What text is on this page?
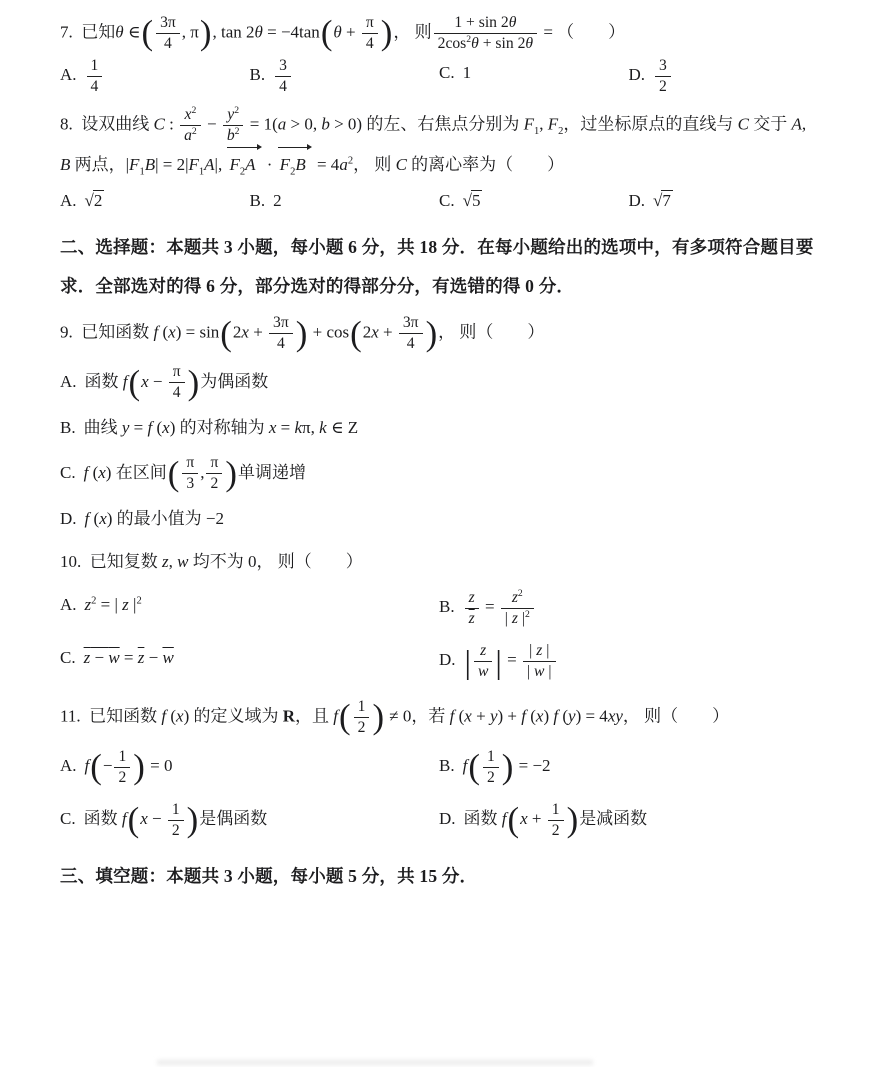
7.  已知θ ∈( $\frac{3\pi}{4}$ , π), $\tan 2\theta = -4\tan(\theta + \frac{\pi}{4}$ )， 则 $\frac{1 + \sin 2\theta}{2\cos^2\theta + \sin 2\theta}$ = （  ）
A. $\frac{1}{4}$	B. $\frac{3}{4}$	C. 1	D. $\frac{3}{2}$
8.  设双曲线 C : $\frac{x^2}{a^2} - \frac{y^2}{b^2} = 1(a > 0$, b > 0) 的左、右焦点分别为 $F_1$, $F_2$，过坐标原点的直线与 C 交于 A, B 两点，$|F_1B| = 2|F_1A|$, $F_2A \cdot F_2B = 4a^2$， 则 C 的离心率为（  ）
A. √2	B. 2	C. √5	D. √7

二、选择题：本题共 3 小题，每小题 6 分，共 18 分．在每小题给出的选项中，有多项符合题目要求．全部选对的得 6 分，部分选对的得部分分，有选错的得 0 分．

9.  已知函数 f $(x) = \sin(2x + \frac{3\pi}{4}$ ) + $\cos(2x + \frac{3\pi}{4}$ )， 则（  ）
A. 函数 $f(x - \frac{\pi}{4}$ )为偶函数
B. 曲线 y = f (x) 的对称轴为 x = kπ, k ∈ Z
C. f (x) 在区间( $\frac{\pi}{3}$ , $\frac{\pi}{2}$ )单调递增
D. f (x) 的最小值为 −2
10.  已知复数 z, w 均不为 0， 则（  ）
A. $z^2$ = | z $|^2$	B. $\frac{z}{z} = \frac{z^2}{| z |^2}$
C. $z - w = \overline{z} - \overline{w}$	D. | $\frac{z}{w}$ | = $\frac{| z |}{| w |}$
11.  已知函数 f (x) 的定义域为 R，且 $f( \frac{1}{2}$ ) ≠ 0，若 f (x + y) + f (x) f (y) = 4xy， 则（  ）
A. $f(- \frac{1}{2}$ ) = 0	B. $f( \frac{1}{2}$ ) = −2
C. 函数 $f(x - \frac{1}{2}$ )是偶函数	D. 函数 $f(x + \frac{1}{2}$ )是减函数

三、填空题：本题共 3 小题，每小题 5 分，共 15 分．
